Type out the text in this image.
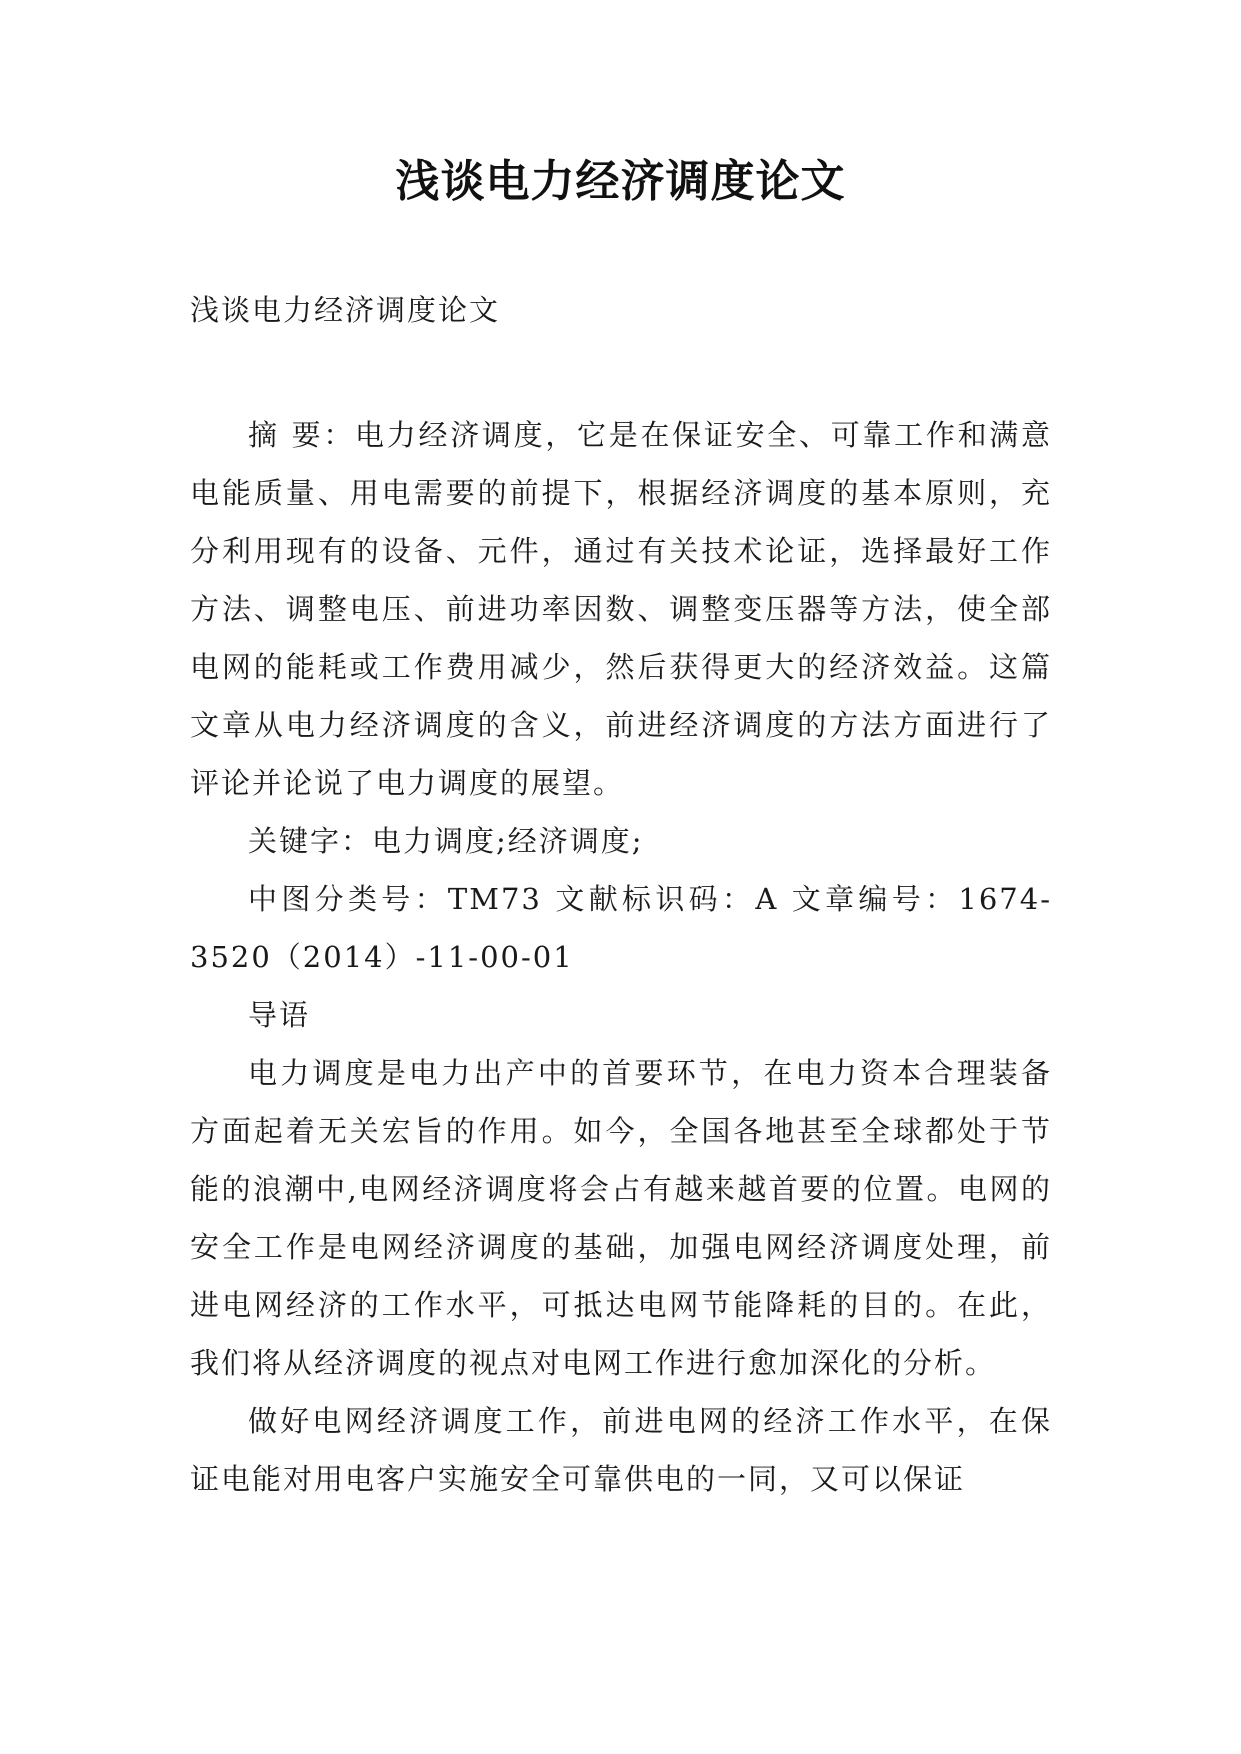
浅谈电力经济调度论文
浅谈电力经济调度论文

摘 要：电力经济调度，它是在保证安全、可靠工作和满意电能质量、用电需要的前提下，根据经济调度的基本原则，充分利用现有的设备、元件，通过有关技术论证，选择最好工作方法、调整电压、前进功率因数、调整变压器等方法，使全部电网的能耗或工作费用减少，然后获得更大的经济效益。这篇文章从电力经济调度的含义，前进经济调度的方法方面进行了评论并论说了电力调度的展望。

关键字：电力调度;经济调度;

中图分类号：TM73 文献标识码：A 文章编号：1674-3520（2014）-11-00-01

导语

电力调度是电力出产中的首要环节，在电力资本合理装备方面起着无关宏旨的作用。如今，全国各地甚至全球都处于节能的浪潮中,电网经济调度将会占有越来越首要的位置。电网的安全工作是电网经济调度的基础，加强电网经济调度处理，前进电网经济的工作水平，可抵达电网节能降耗的目的。在此，我们将从经济调度的视点对电网工作进行愈加深化的分析。

做好电网经济调度工作，前进电网的经济工作水平，在保证电能对用电客户实施安全可靠供电的一同，又可以保证
